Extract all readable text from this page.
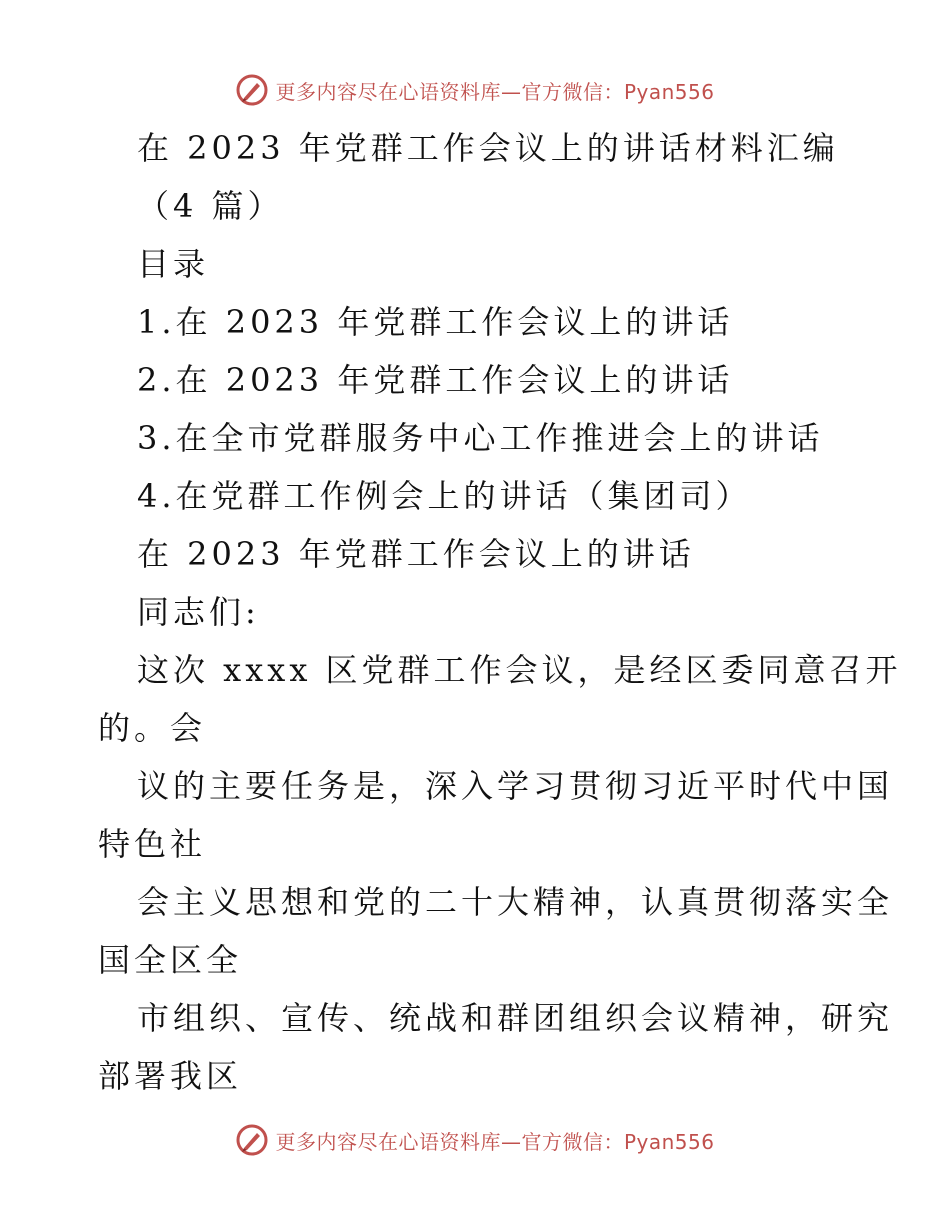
更多内容尽在心语资料库—官方微信：Pyan556
在 2023 年党群工作会议上的讲话材料汇编
（4 篇）
目录
1.在 2023 年党群工作会议上的讲话
2.在 2023 年党群工作会议上的讲话
3.在全市党群服务中心工作推进会上的讲话
4.在党群工作例会上的讲话（集团司）
在 2023 年党群工作会议上的讲话
同志们:
这次 xxxx 区党群工作会议，是经区委同意召开
的。会
议的主要任务是，深入学习贯彻习近平时代中国
特色社
会主义思想和党的二十大精神，认真贯彻落实全
国全区全
市组织、宣传、统战和群团组织会议精神，研究
部署我区
更多内容尽在心语资料库—官方微信：Pyan556
